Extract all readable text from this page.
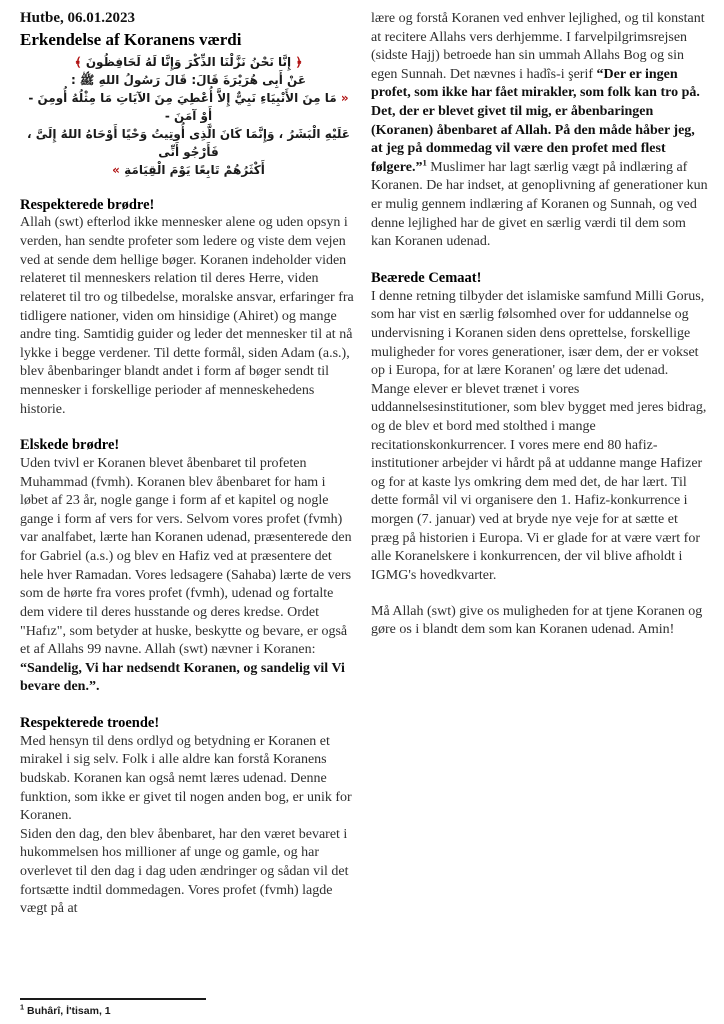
Hutbe, 06.01.2023

Erkendelse af Koranens værdi
﴿ إِنَّا نَحْنُ نَزَّلْنَا الذِّكْرَ وَإِنَّا لَهُ لَحَافِظُونَ ﴾
عَنْ أَبِى هُرَيْرَةَ قَالَ: قَالَ رَسُولُ اللهِ ﷺ :
« مَا مِنَ الأَنْبِيَاءِ نَبِيٌّ إِلاَّ أُعْطِيَ مِنَ الآيَاتِ مَا مِثْلُهُ أُومِنَ - أَوْ آمَنَ -
عَلَيْهِ الْبَشَرُ ، وَإِنَّمَا كَانَ الَّذِى أُوتِيتُ وَحْيًا أَوْحَاهُ اللهُ إِلَىَّ ، فَأَرْجُو أَنِّى
أَكْثَرُهُمْ تَابِعًا يَوْمَ الْقِيَامَةِ »
Respekterede brødre!

Allah (swt) efterlod ikke mennesker alene og uden opsyn i verden, han sendte profeter som ledere og viste dem vejen ved at sende dem hellige bøger. Koranen indeholder viden relateret til menneskers relation til deres Herre, viden relateret til tro og tilbedelse, moralske ansvar, erfaringer fra tidligere nationer, viden om hinsidige (Ahiret) og mange andre ting. Samtidig guider og leder det mennesker til at nå lykke i begge verdener. Til dette formål, siden Adam (a.s.), blev åbenbaringer blandt andet i form af bøger sendt til mennesker i forskellige perioder af menneskehedens historie.

Elskede brødre!

Uden tvivl er Koranen blevet åbenbaret til profeten Muhammad (fvmh). Koranen blev åbenbaret for ham i løbet af 23 år, nogle gange i form af et kapitel og nogle gange i form af vers for vers. Selvom vores profet (fvmh) var analfabet, lærte han Koranen udenad, præsenterede den for Gabriel (a.s.) og blev en Hafiz ved at præsentere det hele hver Ramadan. Vores ledsagere (Sahaba) lærte de vers som de hørte fra vores profet (fvmh), udenad og fortalte dem videre til deres husstande og deres kredse. Ordet "Hafız", som betyder at huske, beskytte og bevare, er også et af Allahs 99 navne. Allah (swt) nævner i Koranen: “Sandelig, Vi har nedsendt Koranen, og sandelig vil Vi bevare den.”.

Respekterede troende!

Med hensyn til dens ordlyd og betydning er Koranen et mirakel i sig selv. Folk i alle aldre kan forstå Koranens budskab. Koranen kan også nemt læres udenad. Denne funktion, som ikke er givet til nogen anden bog, er unik for Koranen.

Siden den dag, den blev åbenbaret, har den været bevaret i hukommelsen hos millioner af unge og gamle, og har overlevet til den dag i dag uden ændringer og sådan vil det fortsætte indtil dommedagen. Vores profet (fvmh) lagde vægt på at

lære og forstå Koranen ved enhver lejlighed, og til konstant at recitere Allahs vers derhjemme. I farvelpilgrimsrejsen (sidste Hajj) betroede han sin ummah Allahs Bog og sin egen Sunnah. Det nævnes i hadîs-i şerif “Der er ingen profet, som ikke har fået mirakler, som folk kan tro på. Det, der er blevet givet til mig, er åbenbaringen (Koranen) åbenbaret af Allah. På den måde håber jeg, at jeg på dommedag vil være den profet med flest følgere.”$^1$ Muslimer har lagt særlig vægt på indlæring af Koranen. De har indset, at genoplivning af generationer kun er mulig gennem indlæring af Koranen og Sunnah, og ved denne lejlighed har de givet en særlig værdi til dem som kan Koranen udenad.

Beærede Cemaat!

I denne retning tilbyder det islamiske samfund Milli Gorus, som har vist en særlig følsomhed over for uddannelse og undervisning i Koranen siden dens oprettelse, forskellige muligheder for vores generationer, især dem, der er vokset op i Europa, for at lære Koranen' og lære det udenad. Mange elever er blevet trænet i vores uddannelsesinstitutioner, som blev bygget med jeres bidrag, og de blev et bord med stolthed i mange recitationskonkurrencer. I vores mere end 80 hafiz-institutioner arbejder vi hårdt på at uddanne mange Hafizer og for at kaste lys omkring dem med det, de har lært. Til dette formål vil vi organisere den 1. Hafiz-konkurrence i morgen (7. januar) ved at bryde nye veje for at sætte et præg på historien i Europa. Vi er glade for at være vært for alle Koranelskere i konkurrencen, der vil blive afholdt i IGMG's hovedkvarter.

Må Allah (swt) give os muligheden for at tjene Koranen og gøre os i blandt dem som kan Koranen udenad. Amin!

$^1$ Buhârî, İ'tisam, 1
